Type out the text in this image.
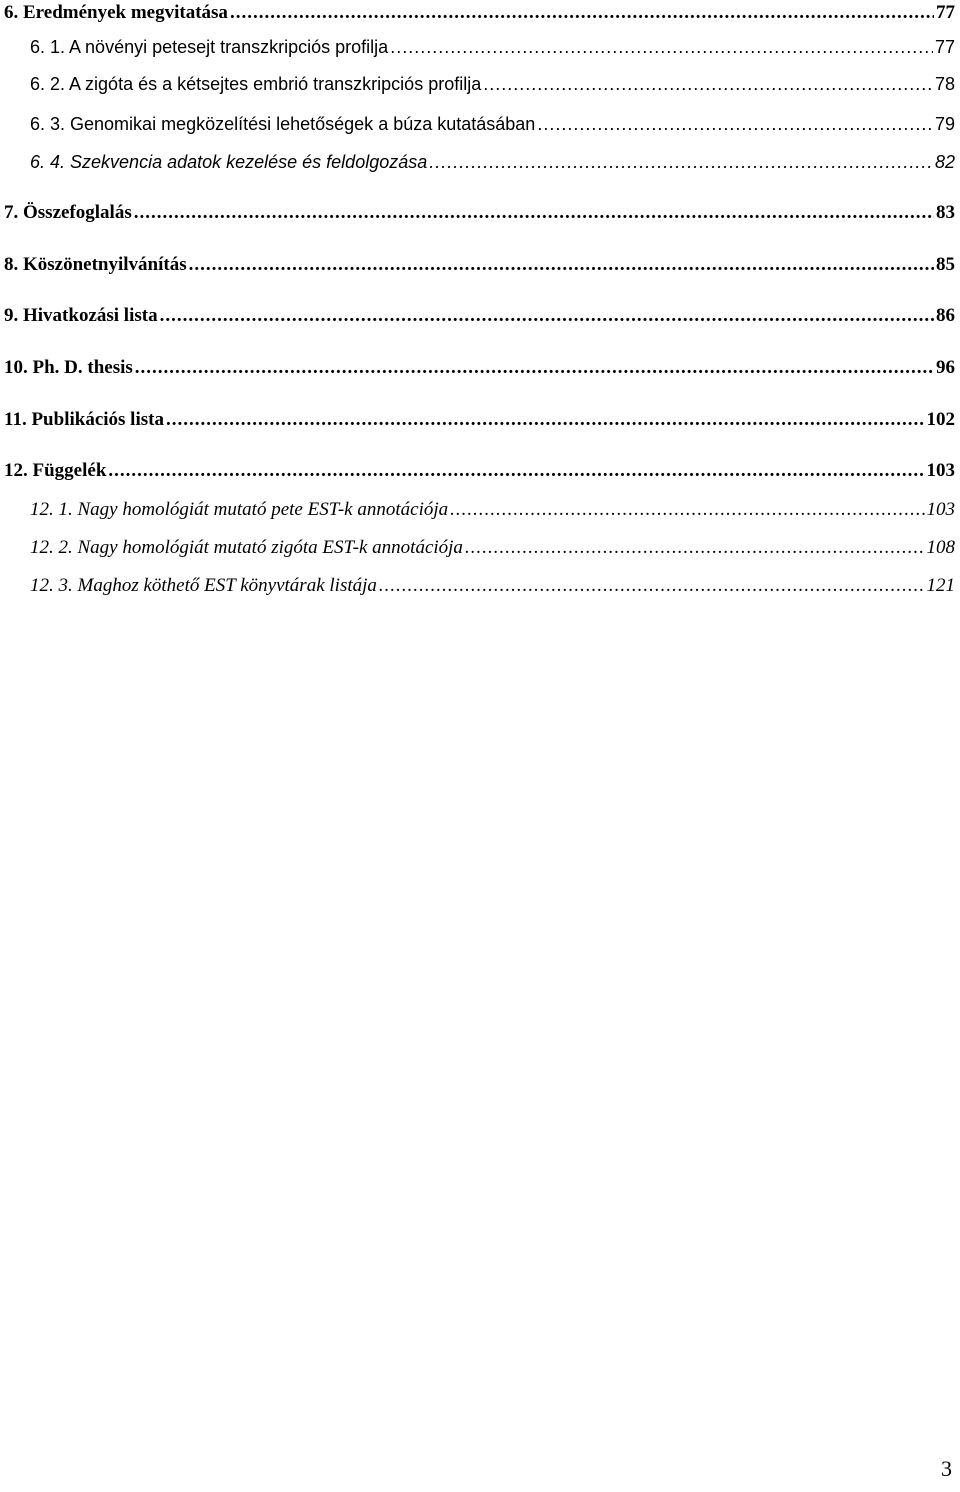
6. Eredmények megvitatása .....	77
6. 1. A növényi petesejt transzkripciós profilja .....	77
6. 2. A zigóta és a kétsejtes embrió transzkripciós profilja .....	78
6. 3. Genomikai megközelítési lehetőségek a búza kutatásában .....	79
6. 4. Szekvencia adatok kezelése és feldolgozása .....	82
7. Összefoglalás .....	83
8. Köszönetnyilvánítás .....	85
9. Hivatkozási lista .....	86
10. Ph. D. thesis .....	96
11. Publikációs lista .....	102
12. Függelék .....	103
12. 1. Nagy homológiát mutató pete EST-k annotációja .....	103
12. 2. Nagy homológiát mutató zigóta EST-k annotációja .....	108
12. 3. Maghoz köthető EST könyvtárak listája .....	121
3
